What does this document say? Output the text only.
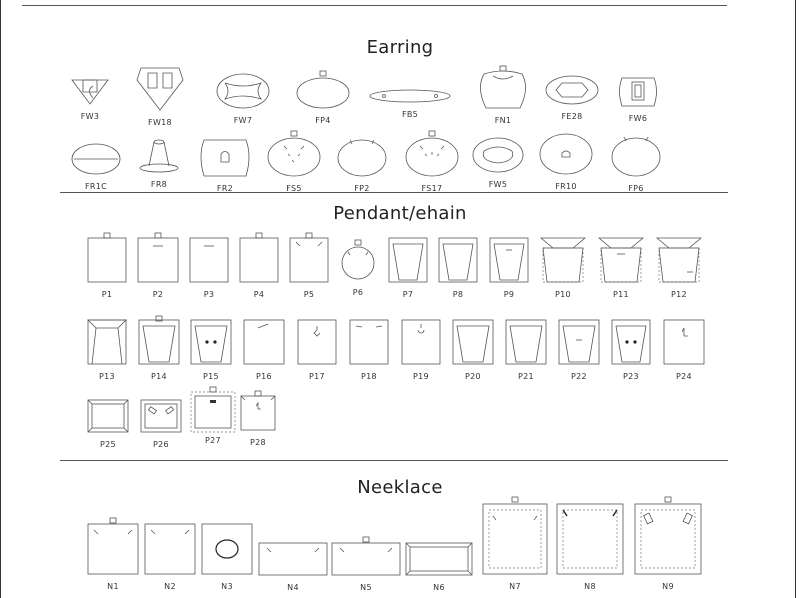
Earring
Pendant/ehain
Neeklace
FW3
FW18	FW7	FP4
FB5
FN1	FE28	FW6
FR1C	FR8	FR2	FS5	FP2	FS17	FW5	FR10	FP6
P1	P2	P3	P4	P5	P6	P7	P8	P9	P10	P11	P12
P13	P14	P15	P16	P17	P18	P19	P20	P21	P22	P23	P24
P25	P26	P27	P28
N1	N2	N3	N4	N5	N6	N7	N8	N9
